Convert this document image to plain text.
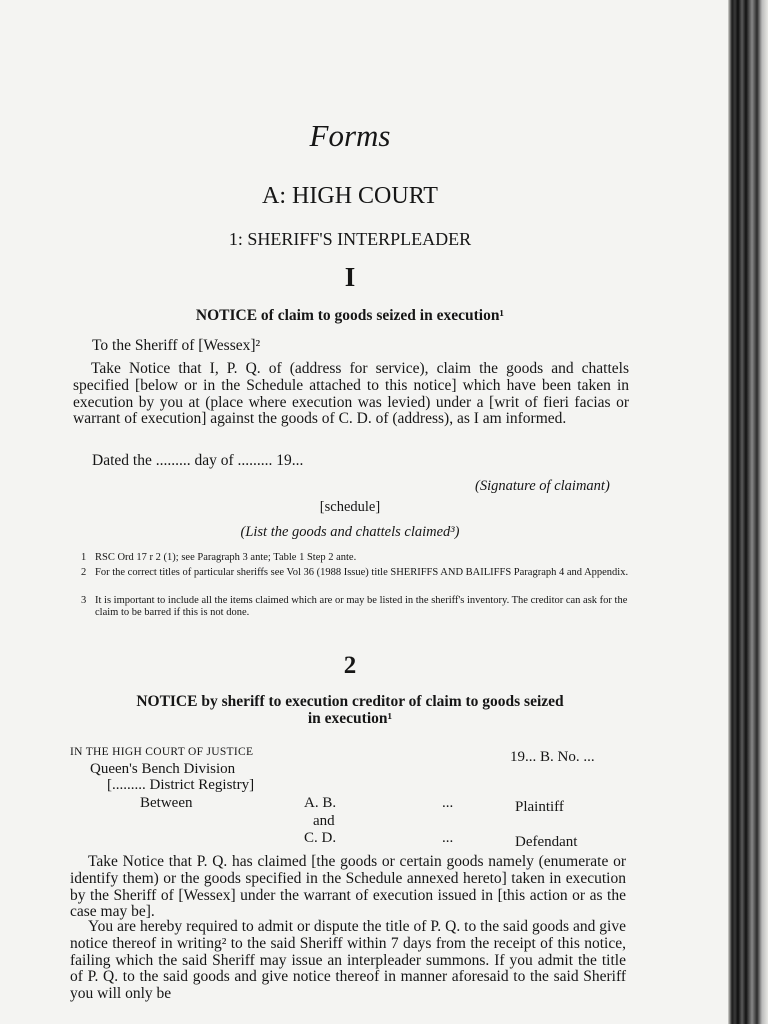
Forms
A: HIGH COURT
1: SHERIFF'S INTERPLEADER
I
NOTICE of claim to goods seized in execution¹
To the Sheriff of [Wessex]²
Take Notice that I, P. Q. of (address for service), claim the goods and chattels specified [below or in the Schedule attached to this notice] which have been taken in execution by you at (place where execution was levied) under a [writ of fieri facias or warrant of execution] against the goods of C. D. of (address), as I am informed.
Dated the ......... day of ......... 19...
(Signature of claimant)
[schedule]
(List the goods and chattels claimed³)
1 RSC Ord 17 r 2 (1); see Paragraph 3 ante; Table 1 Step 2 ante.
2 For the correct titles of particular sheriffs see Vol 36 (1988 Issue) title SHERIFFS AND BAILIFFS Paragraph 4 and Appendix.
3 It is important to include all the items claimed which are or may be listed in the sheriff's inventory. The creditor can ask for the claim to be barred if this is not done.
2
NOTICE by sheriff to execution creditor of claim to goods seized
in execution¹
IN THE HIGH COURT OF JUSTICE	19... B. No. ...
Queen's Bench Division
[......... District Registry]
Between	A. B.	...	Plaintiff
and
C. D.	...	Defendant
Take Notice that P. Q. has claimed [the goods or certain goods namely (enumerate or identify them) or the goods specified in the Schedule annexed hereto] taken in execution by the Sheriff of [Wessex] under the warrant of execution issued in [this action or as the case may be].
You are hereby required to admit or dispute the title of P. Q. to the said goods and give notice thereof in writing² to the said Sheriff within 7 days from the receipt of this notice, failing which the said Sheriff may issue an interpleader summons. If you admit the title of P. Q. to the said goods and give notice thereof in manner aforesaid to the said Sheriff you will only be
